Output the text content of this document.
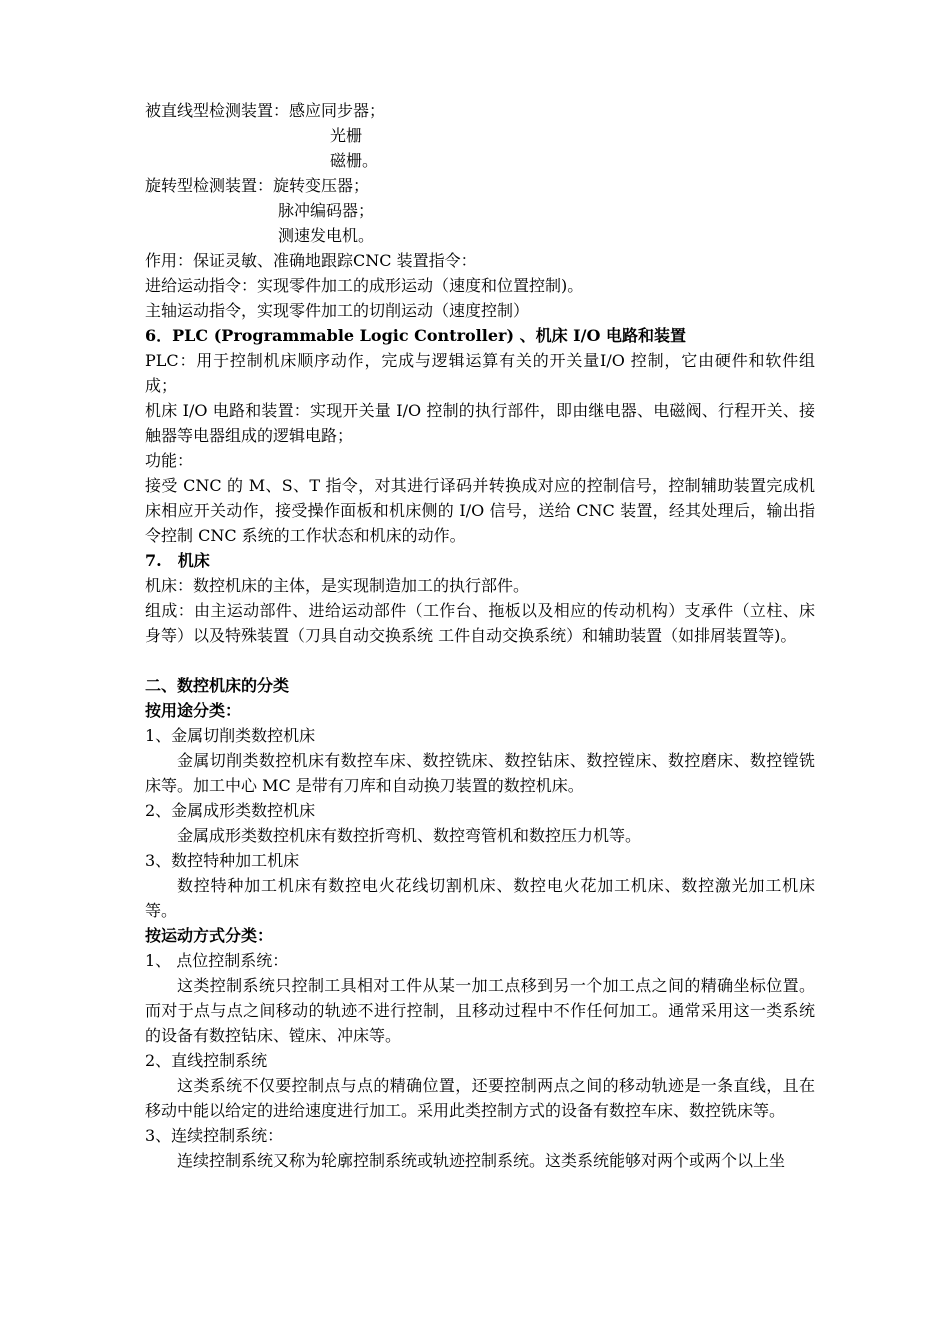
被直线型检测装置：感应同步器；

光栅

磁栅。

旋转型检测装置：旋转变压器；

脉冲编码器；

测速发电机。

作用：保证灵敏、准确地跟踪CNC 装置指令：

进给运动指令：实现零件加工的成形运动（速度和位置控制)。

主轴运动指令，实现零件加工的切削运动（速度控制）

6．PLC (Programmable Logic Controller) 、机床 I/O 电路和装置

PLC：用于控制机床顺序动作，完成与逻辑运算有关的开关量I/O 控制，它由硬件和软件组成；

机床 I/O 电路和装置：实现开关量 I/O 控制的执行部件，即由继电器、电磁阀、行程开关、接触器等电器组成的逻辑电路；

功能：

接受 CNC 的 M、S、T 指令，对其进行译码并转换成对应的控制信号，控制辅助装置完成机床相应开关动作，接受操作面板和机床侧的 I/O 信号，送给 CNC 装置，经其处理后，输出指令控制 CNC 系统的工作状态和机床的动作。

7.　机床

机床：数控机床的主体，是实现制造加工的执行部件。

组成：由主运动部件、进给运动部件（工作台、拖板以及相应的传动机构）支承件（立柱、床身等）以及特殊装置（刀具自动交换系统 工件自动交换系统）和辅助装置（如排屑装置等)。

二、数控机床的分类

按用途分类：

1、金属切削类数控机床

金属切削类数控机床有数控车床、数控铣床、数控钻床、数控镗床、数控磨床、数控镗铣床等。加工中心 MC 是带有刀库和自动换刀装置的数控机床。

2、金属成形类数控机床

金属成形类数控机床有数控折弯机、数控弯管机和数控压力机等。

3、数控特种加工机床

数控特种加工机床有数控电火花线切割机床、数控电火花加工机床、数控激光加工机床等。

按运动方式分类：

1、 点位控制系统：

这类控制系统只控制工具相对工件从某一加工点移到另一个加工点之间的精确坐标位置。而对于点与点之间移动的轨迹不进行控制，且移动过程中不作任何加工。通常采用这一类系统的设备有数控钻床、镗床、冲床等。

2、直线控制系统

这类系统不仅要控制点与点的精确位置，还要控制两点之间的移动轨迹是一条直线，且在移动中能以给定的进给速度进行加工。采用此类控制方式的设备有数控车床、数控铣床等。

3、连续控制系统：

连续控制系统又称为轮廓控制系统或轨迹控制系统。这类系统能够对两个或两个以上坐
